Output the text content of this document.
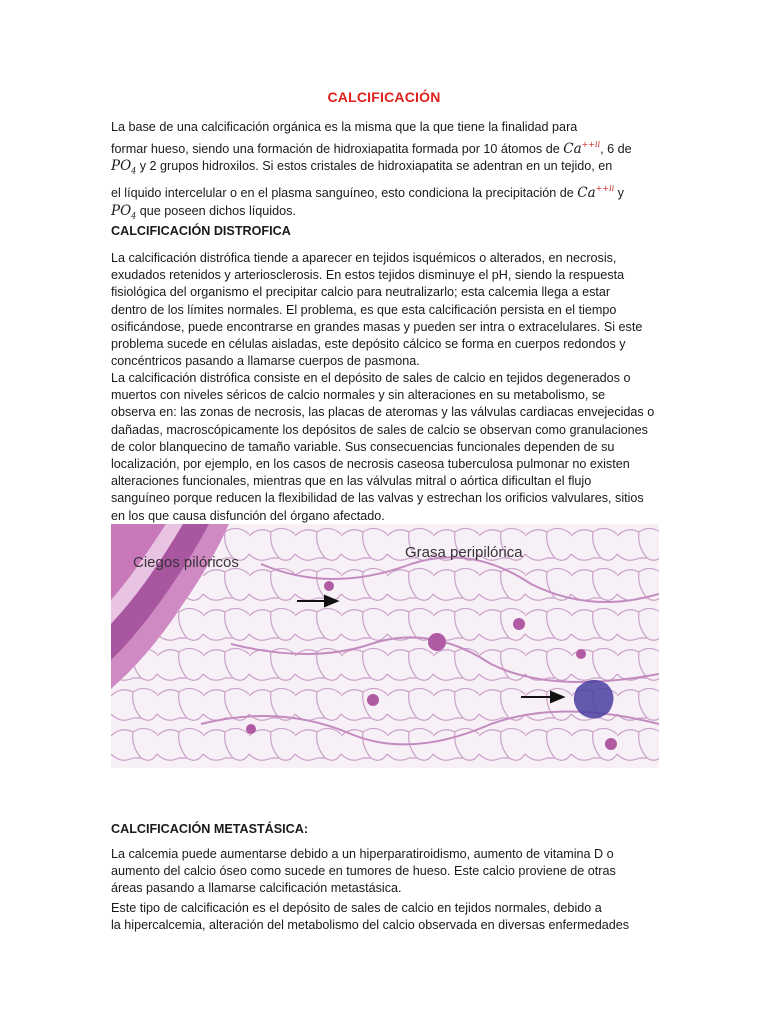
CALCIFICACIÓN
La base de una calcificación orgánica es la misma que la que tiene la finalidad para
formar hueso, siendo una formación de hidroxiapatita formada por 10 átomos de $Ca^{++ii}$, 6 de
$PO_4$ y 2 grupos hidroxilos. Si estos cristales de hidroxiapatita se adentran en un tejido, en
el líquido intercelular o en el plasma sanguíneo, esto condiciona la precipitación de $Ca^{++ii}$ y
$PO_4$ que poseen dichos líquidos.
CALCIFICACIÓN DISTROFICA
La calcificación distrófica tiende a aparecer en tejidos isquémicos o alterados, en necrosis,
exudados retenidos y arteriosclerosis. En estos tejidos disminuye el pH, siendo la respuesta
fisiológica del organismo el precipitar calcio para neutralizarlo; esta calcemia llega a estar
dentro de los límites normales. El problema, es que esta calcificación persista en el tiempo
osificándose, puede encontrarse en grandes masas y pueden ser intra o extracelulares. Si este
problema sucede en células aisladas, este depósito cálcico se forma en cuerpos redondos y
concéntricos pasando a llamarse cuerpos de pasmona.
La calcificación distrófica consiste en el depósito de sales de calcio en tejidos degenerados o
muertos con niveles séricos de calcio normales y sin alteraciones en su metabolismo, se
observa en: las zonas de necrosis, las placas de ateromas y las válvulas cardiacas envejecidas o
dañadas, macroscópicamente los depósitos de sales de calcio se observan como granulaciones
de color blanquecino de tamaño variable. Sus consecuencias funcionales dependen de su
localización, por ejemplo, en los casos de necrosis caseosa tuberculosa pulmonar no existen
alteraciones funcionales, mientras que en las válvulas mitral o aórtica dificultan el flujo
sanguíneo porque reducen la flexibilidad de las valvas y estrechan los orificios valvulares, sitios
en los que causa disfunción del órgano afectado.
Ciegos pilóricos
Grasa peripilórica
CALCIFICACIÓN METASTÁSICA:
La calcemia puede aumentarse debido a un hiperparatiroidismo, aumento de vitamina D o
aumento del calcio óseo como sucede en tumores de hueso. Este calcio proviene de otras
áreas pasando a llamarse calcificación metastásica.
Este tipo de calcificación es el depósito de sales de calcio en tejidos normales, debido a
la hipercalcemia, alteración del metabolismo del calcio observada en diversas enfermedades
